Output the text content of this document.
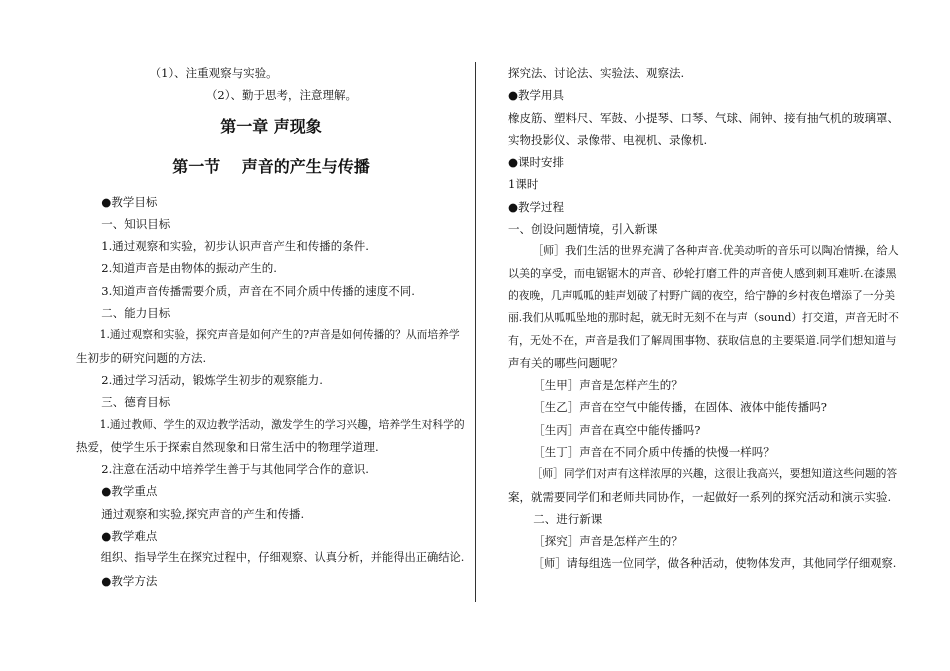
（1）、注重观察与实验。

（2）、勤于思考，注意理解。

第一章 声现象

第一节　 声音的产生与传播

●教学目标

一、知识目标

1.通过观察和实验，初步认识声音产生和传播的条件.

2.知道声音是由物体的振动产生的.

3.知道声音传播需要介质，声音在不同介质中传播的速度不同.

二、能力目标

1.通过观察和实验，探究声音是如何产生的?声音是如何传播的？从而培养学

生初步的研究问题的方法.

2.通过学习活动，锻炼学生初步的观察能力.

三、德育目标

1.通过教师、学生的双边教学活动，激发学生的学习兴趣，培养学生对科学的

热爱，使学生乐于探索自然现象和日常生活中的物理学道理.

2.注意在活动中培养学生善于与其他同学合作的意识.

●教学重点

通过观察和实验,探究声音的产生和传播.

●教学难点

组织、指导学生在探究过程中，仔细观察、认真分析，并能得出正确结论.

●教学方法

探究法、讨论法、实验法、观察法.

●教学用具

橡皮筋、塑料尺、军鼓、小提琴、口琴、气球、闹钟、接有抽气机的玻璃罩、

实物投影仪、录像带、电视机、录像机.

●课时安排

1课时

●教学过程

一、创设问题情境，引入新课

［师］我们生活的世界充满了各种声音.优美动听的音乐可以陶冶情操，给人

以美的享受，而电锯锯木的声音、砂轮打磨工件的声音使人感到刺耳难听.在漆黑

的夜晚，几声呱呱的蛙声划破了村野广阔的夜空，给宁静的乡村夜色增添了一分美

丽.我们从呱呱坠地的那时起，就无时无刻不在与声（sound）打交道，声音无时不

有，无处不在，声音是我们了解周围事物、获取信息的主要渠道.同学们想知道与

声有关的哪些问题呢？

［生甲］声音是怎样产生的？

［生乙］声音在空气中能传播，在固体、液体中能传播吗?

［生丙］声音在真空中能传播吗?

［生丁］声音在不同介质中传播的快慢一样吗？

［师］同学们对声有这样浓厚的兴趣，这很让我高兴，要想知道这些问题的答

案，就需要同学们和老师共同协作，一起做好一系列的探究活动和演示实验.

二、进行新课

［探究］声音是怎样产生的？

［师］请每组选一位同学，做各种活动，使物体发声，其他同学仔细观察.
